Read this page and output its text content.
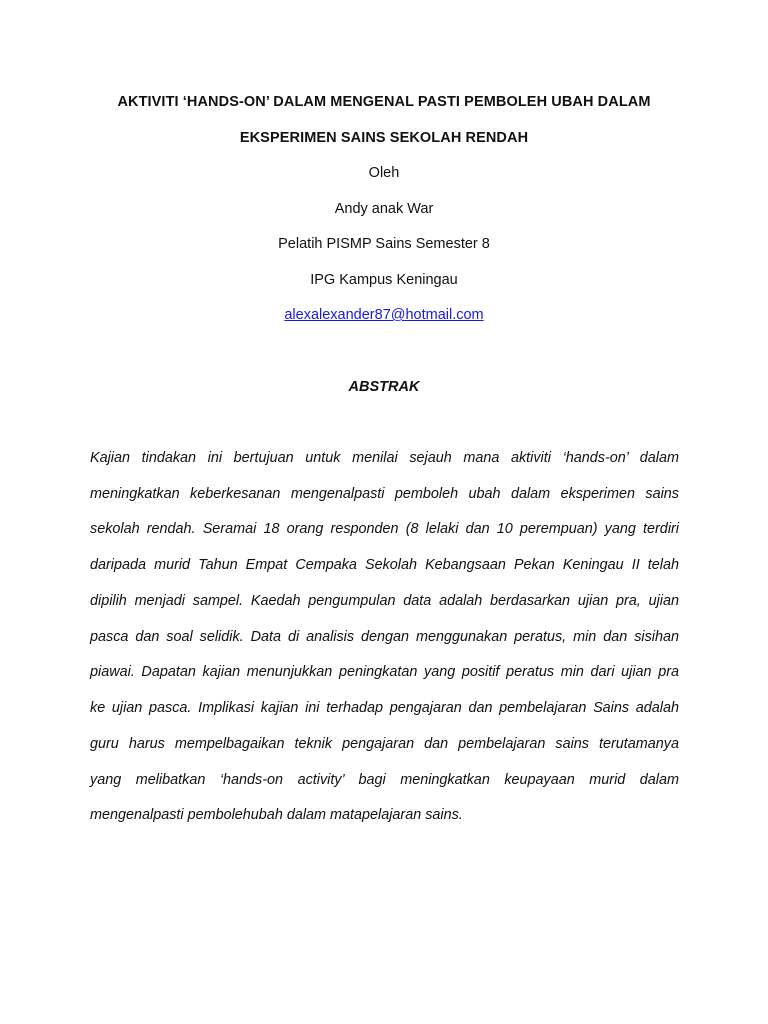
AKTIVITI ‘HANDS-ON’ DALAM MENGENAL PASTI PEMBOLEH UBAH DALAM
EKSPERIMEN SAINS SEKOLAH RENDAH
Oleh
Andy anak War
Pelatih PISMP Sains Semester 8
IPG Kampus Keningau
alexalexander87@hotmail.com
ABSTRAK
Kajian tindakan ini bertujuan untuk menilai sejauh mana aktiviti ‘hands-on’ dalam
meningkatkan keberkesanan mengenalpasti pemboleh ubah dalam eksperimen sains
sekolah rendah. Seramai 18 orang responden (8 lelaki dan 10 perempuan) yang terdiri
daripada murid Tahun Empat Cempaka Sekolah Kebangsaan Pekan Keningau II telah
dipilih menjadi sampel. Kaedah pengumpulan data adalah berdasarkan ujian pra, ujian
pasca dan soal selidik. Data di analisis dengan menggunakan peratus, min dan sisihan
piawai. Dapatan kajian menunjukkan peningkatan yang positif peratus min dari ujian pra
ke ujian pasca. Implikasi kajian ini terhadap pengajaran dan pembelajaran Sains adalah
guru harus mempelbagaikan teknik pengajaran dan pembelajaran sains terutamanya
yang melibatkan ‘hands-on activity’ bagi meningkatkan keupayaan murid dalam
mengenalpasti pembolehubah dalam matapelajaran sains.
